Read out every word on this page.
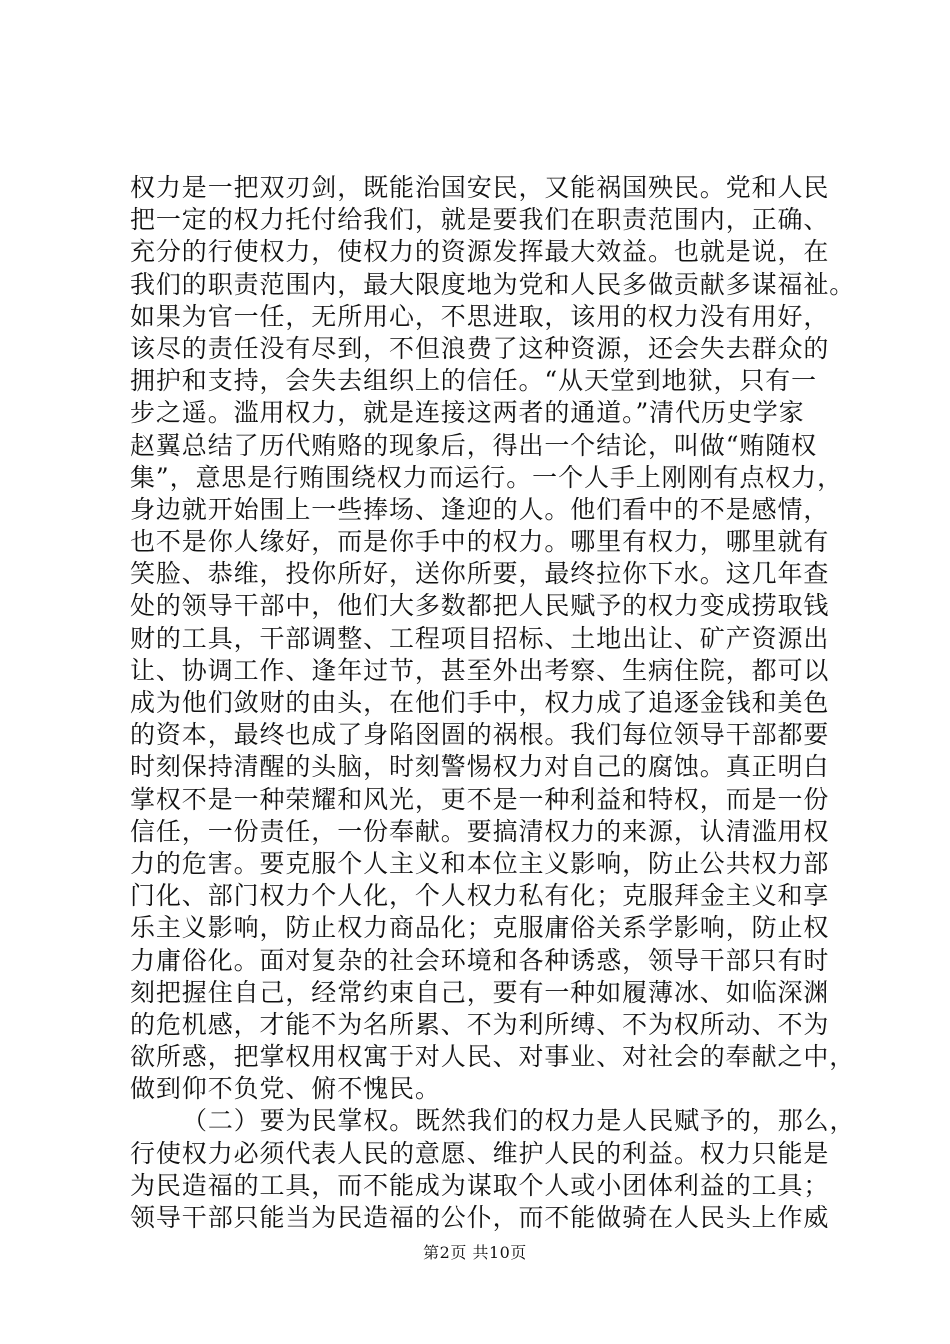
权力是一把双刃剑，既能治国安民，又能祸国殃民。党和人民
把一定的权力托付给我们，就是要我们在职责范围内，正确、
充分的行使权力，使权力的资源发挥最大效益。也就是说，在
我们的职责范围内，最大限度地为党和人民多做贡献多谋福祉。
如果为官一任，无所用心，不思进取，该用的权力没有用好，
该尽的责任没有尽到，不但浪费了这种资源，还会失去群众的
拥护和支持，会失去组织上的信任。“从天堂到地狱，只有一
步之遥。滥用权力，就是连接这两者的通道。”清代历史学家
赵翼总结了历代贿赂的现象后，得出一个结论，叫做“贿随权
集”，意思是行贿围绕权力而运行。一个人手上刚刚有点权力，
身边就开始围上一些捧场、逢迎的人。他们看中的不是感情，
也不是你人缘好，而是你手中的权力。哪里有权力，哪里就有
笑脸、恭维，投你所好，送你所要，最终拉你下水。这几年查
处的领导干部中，他们大多数都把人民赋予的权力变成捞取钱
财的工具，干部调整、工程项目招标、土地出让、矿产资源出
让、协调工作、逢年过节，甚至外出考察、生病住院，都可以
成为他们敛财的由头，在他们手中，权力成了追逐金钱和美色
的资本，最终也成了身陷囹圄的祸根。我们每位领导干部都要
时刻保持清醒的头脑，时刻警惕权力对自己的腐蚀。真正明白
掌权不是一种荣耀和风光，更不是一种利益和特权，而是一份
信任，一份责任，一份奉献。要搞清权力的来源，认清滥用权
力的危害。要克服个人主义和本位主义影响，防止公共权力部
门化、部门权力个人化，个人权力私有化；克服拜金主义和享
乐主义影响，防止权力商品化；克服庸俗关系学影响，防止权
力庸俗化。面对复杂的社会环境和各种诱惑，领导干部只有时
刻把握住自己，经常约束自己，要有一种如履薄冰、如临深渊
的危机感，才能不为名所累、不为利所缚、不为权所动、不为
欲所惑，把掌权用权寓于对人民、对事业、对社会的奉献之中，
做到仰不负党、俯不愧民。
（二）要为民掌权。既然我们的权力是人民赋予的，那么，
行使权力必须代表人民的意愿、维护人民的利益。权力只能是
为民造福的工具，而不能成为谋取个人或小团体利益的工具；
领导干部只能当为民造福的公仆，而不能做骑在人民头上作威
第2页 共10页
